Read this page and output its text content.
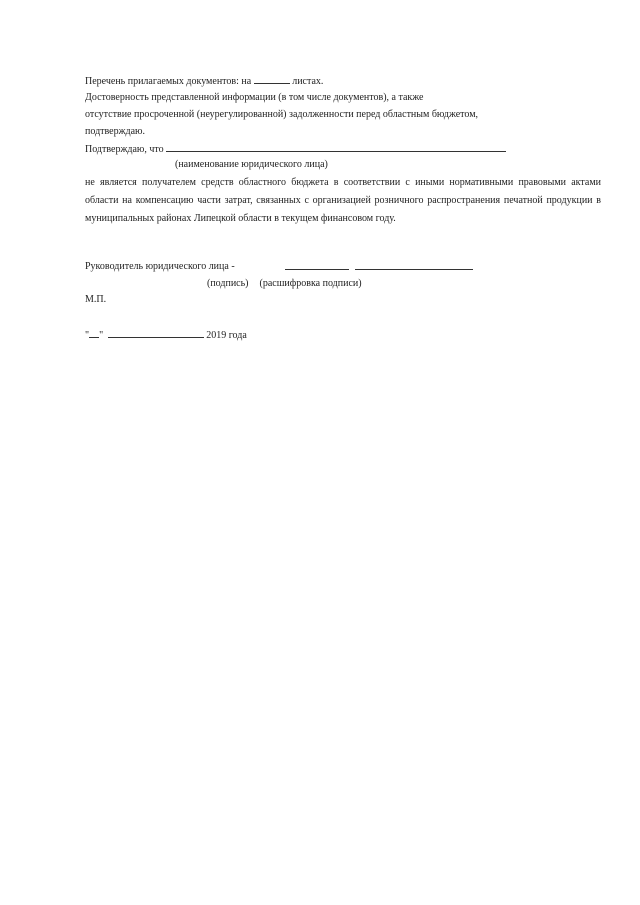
Перечень прилагаемых документов: на	листах.
Достоверность представленной информации (в том числе документов), а также
отсутствие просроченной (неурегулированной) задолженности перед областным бюджетом,
подтверждаю.
Подтверждаю, что
(наименование юридического лица)
не является получателем средств областного бюджета в соответствии с иными нормативными правовыми актами области на компенсацию части затрат, связанных с организацией розничного распространения печатной продукции в муниципальных районах Липецкой области в текущем финансовом году.
Руководитель юридического лица -
(подпись) (расшифровка подписи)
М.П.
" "	2019 года
